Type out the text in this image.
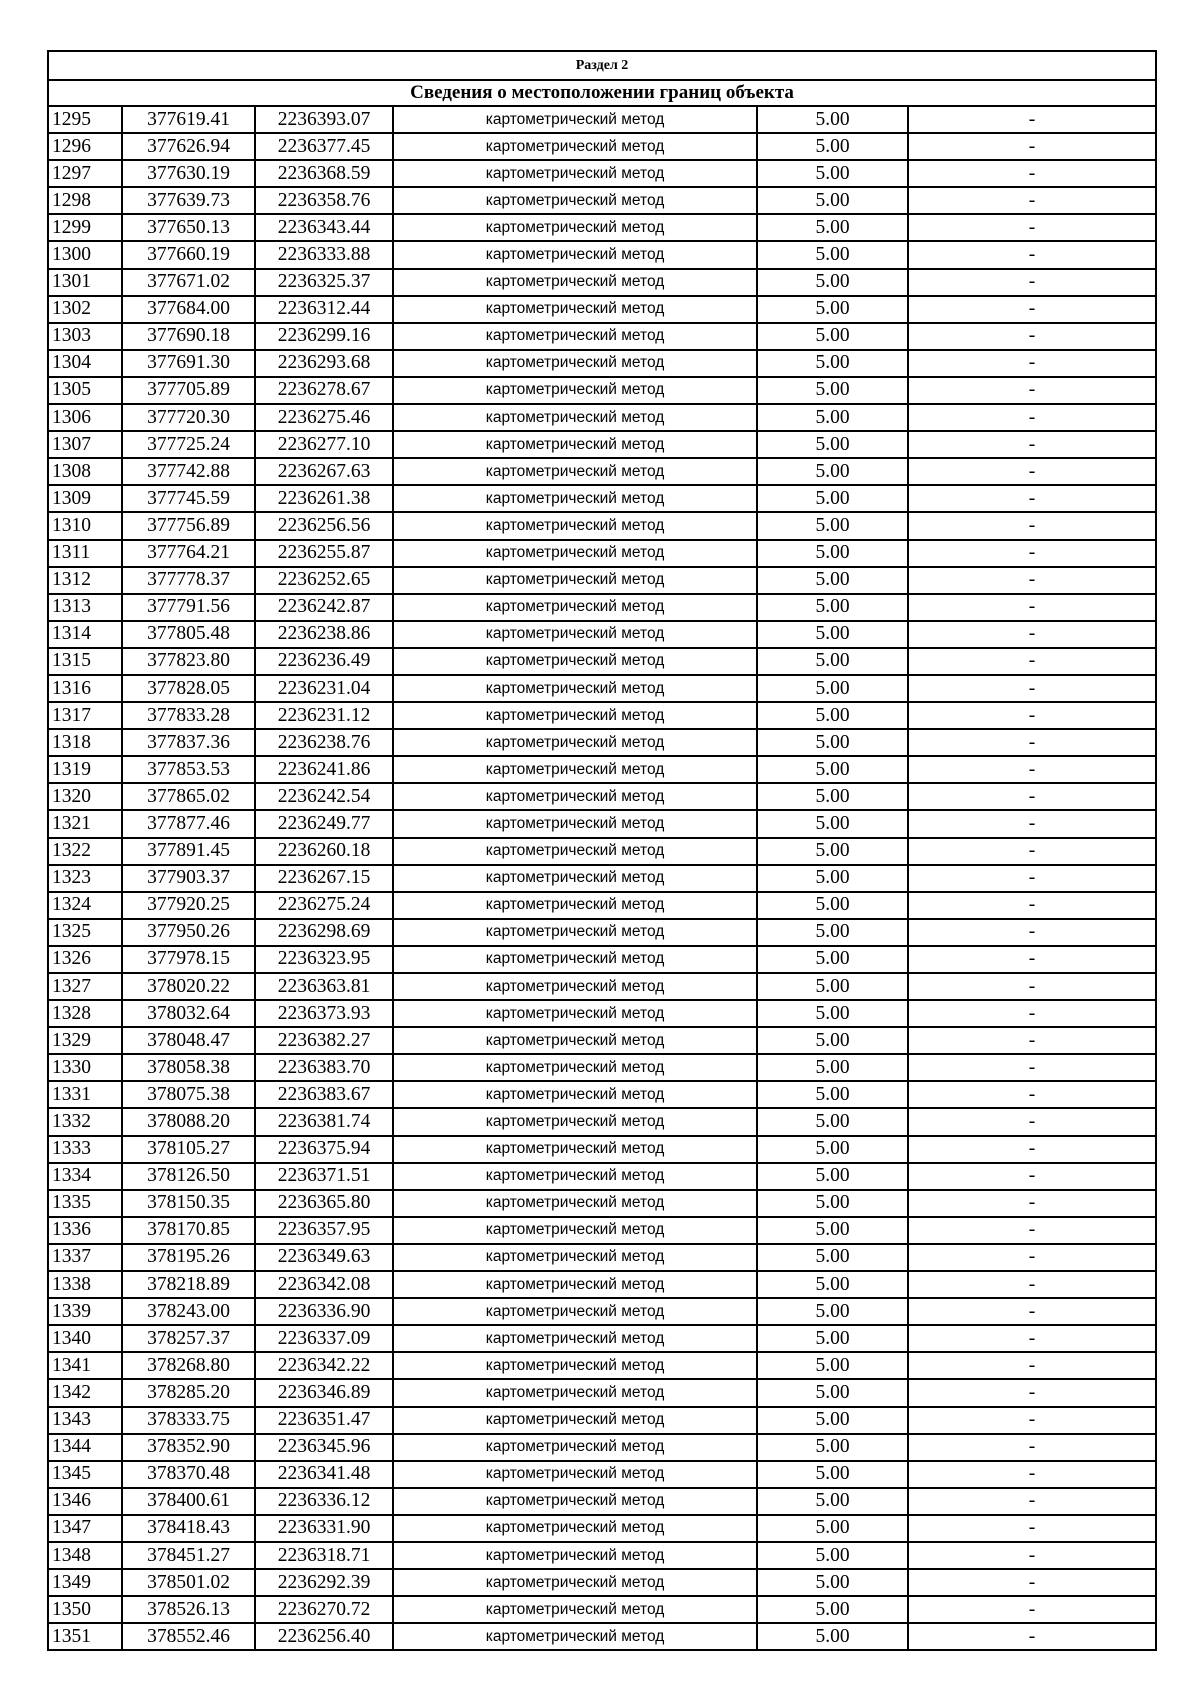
Раздел 2					
Сведения о местоположении границ объекта					
1295	377619.41	2236393.07	картометрический метод	5.00	-
1296	377626.94	2236377.45	картометрический метод	5.00	-
1297	377630.19	2236368.59	картометрический метод	5.00	-
1298	377639.73	2236358.76	картометрический метод	5.00	-
1299	377650.13	2236343.44	картометрический метод	5.00	-
1300	377660.19	2236333.88	картометрический метод	5.00	-
1301	377671.02	2236325.37	картометрический метод	5.00	-
1302	377684.00	2236312.44	картометрический метод	5.00	-
1303	377690.18	2236299.16	картометрический метод	5.00	-
1304	377691.30	2236293.68	картометрический метод	5.00	-
1305	377705.89	2236278.67	картометрический метод	5.00	-
1306	377720.30	2236275.46	картометрический метод	5.00	-
1307	377725.24	2236277.10	картометрический метод	5.00	-
1308	377742.88	2236267.63	картометрический метод	5.00	-
1309	377745.59	2236261.38	картометрический метод	5.00	-
1310	377756.89	2236256.56	картометрический метод	5.00	-
1311	377764.21	2236255.87	картометрический метод	5.00	-
1312	377778.37	2236252.65	картометрический метод	5.00	-
1313	377791.56	2236242.87	картометрический метод	5.00	-
1314	377805.48	2236238.86	картометрический метод	5.00	-
1315	377823.80	2236236.49	картометрический метод	5.00	-
1316	377828.05	2236231.04	картометрический метод	5.00	-
1317	377833.28	2236231.12	картометрический метод	5.00	-
1318	377837.36	2236238.76	картометрический метод	5.00	-
1319	377853.53	2236241.86	картометрический метод	5.00	-
1320	377865.02	2236242.54	картометрический метод	5.00	-
1321	377877.46	2236249.77	картометрический метод	5.00	-
1322	377891.45	2236260.18	картометрический метод	5.00	-
1323	377903.37	2236267.15	картометрический метод	5.00	-
1324	377920.25	2236275.24	картометрический метод	5.00	-
1325	377950.26	2236298.69	картометрический метод	5.00	-
1326	377978.15	2236323.95	картометрический метод	5.00	-
1327	378020.22	2236363.81	картометрический метод	5.00	-
1328	378032.64	2236373.93	картометрический метод	5.00	-
1329	378048.47	2236382.27	картометрический метод	5.00	-
1330	378058.38	2236383.70	картометрический метод	5.00	-
1331	378075.38	2236383.67	картометрический метод	5.00	-
1332	378088.20	2236381.74	картометрический метод	5.00	-
1333	378105.27	2236375.94	картометрический метод	5.00	-
1334	378126.50	2236371.51	картометрический метод	5.00	-
1335	378150.35	2236365.80	картометрический метод	5.00	-
1336	378170.85	2236357.95	картометрический метод	5.00	-
1337	378195.26	2236349.63	картометрический метод	5.00	-
1338	378218.89	2236342.08	картометрический метод	5.00	-
1339	378243.00	2236336.90	картометрический метод	5.00	-
1340	378257.37	2236337.09	картометрический метод	5.00	-
1341	378268.80	2236342.22	картометрический метод	5.00	-
1342	378285.20	2236346.89	картометрический метод	5.00	-
1343	378333.75	2236351.47	картометрический метод	5.00	-
1344	378352.90	2236345.96	картометрический метод	5.00	-
1345	378370.48	2236341.48	картометрический метод	5.00	-
1346	378400.61	2236336.12	картометрический метод	5.00	-
1347	378418.43	2236331.90	картометрический метод	5.00	-
1348	378451.27	2236318.71	картометрический метод	5.00	-
1349	378501.02	2236292.39	картометрический метод	5.00	-
1350	378526.13	2236270.72	картометрический метод	5.00	-
1351	378552.46	2236256.40	картометрический метод	5.00	-
